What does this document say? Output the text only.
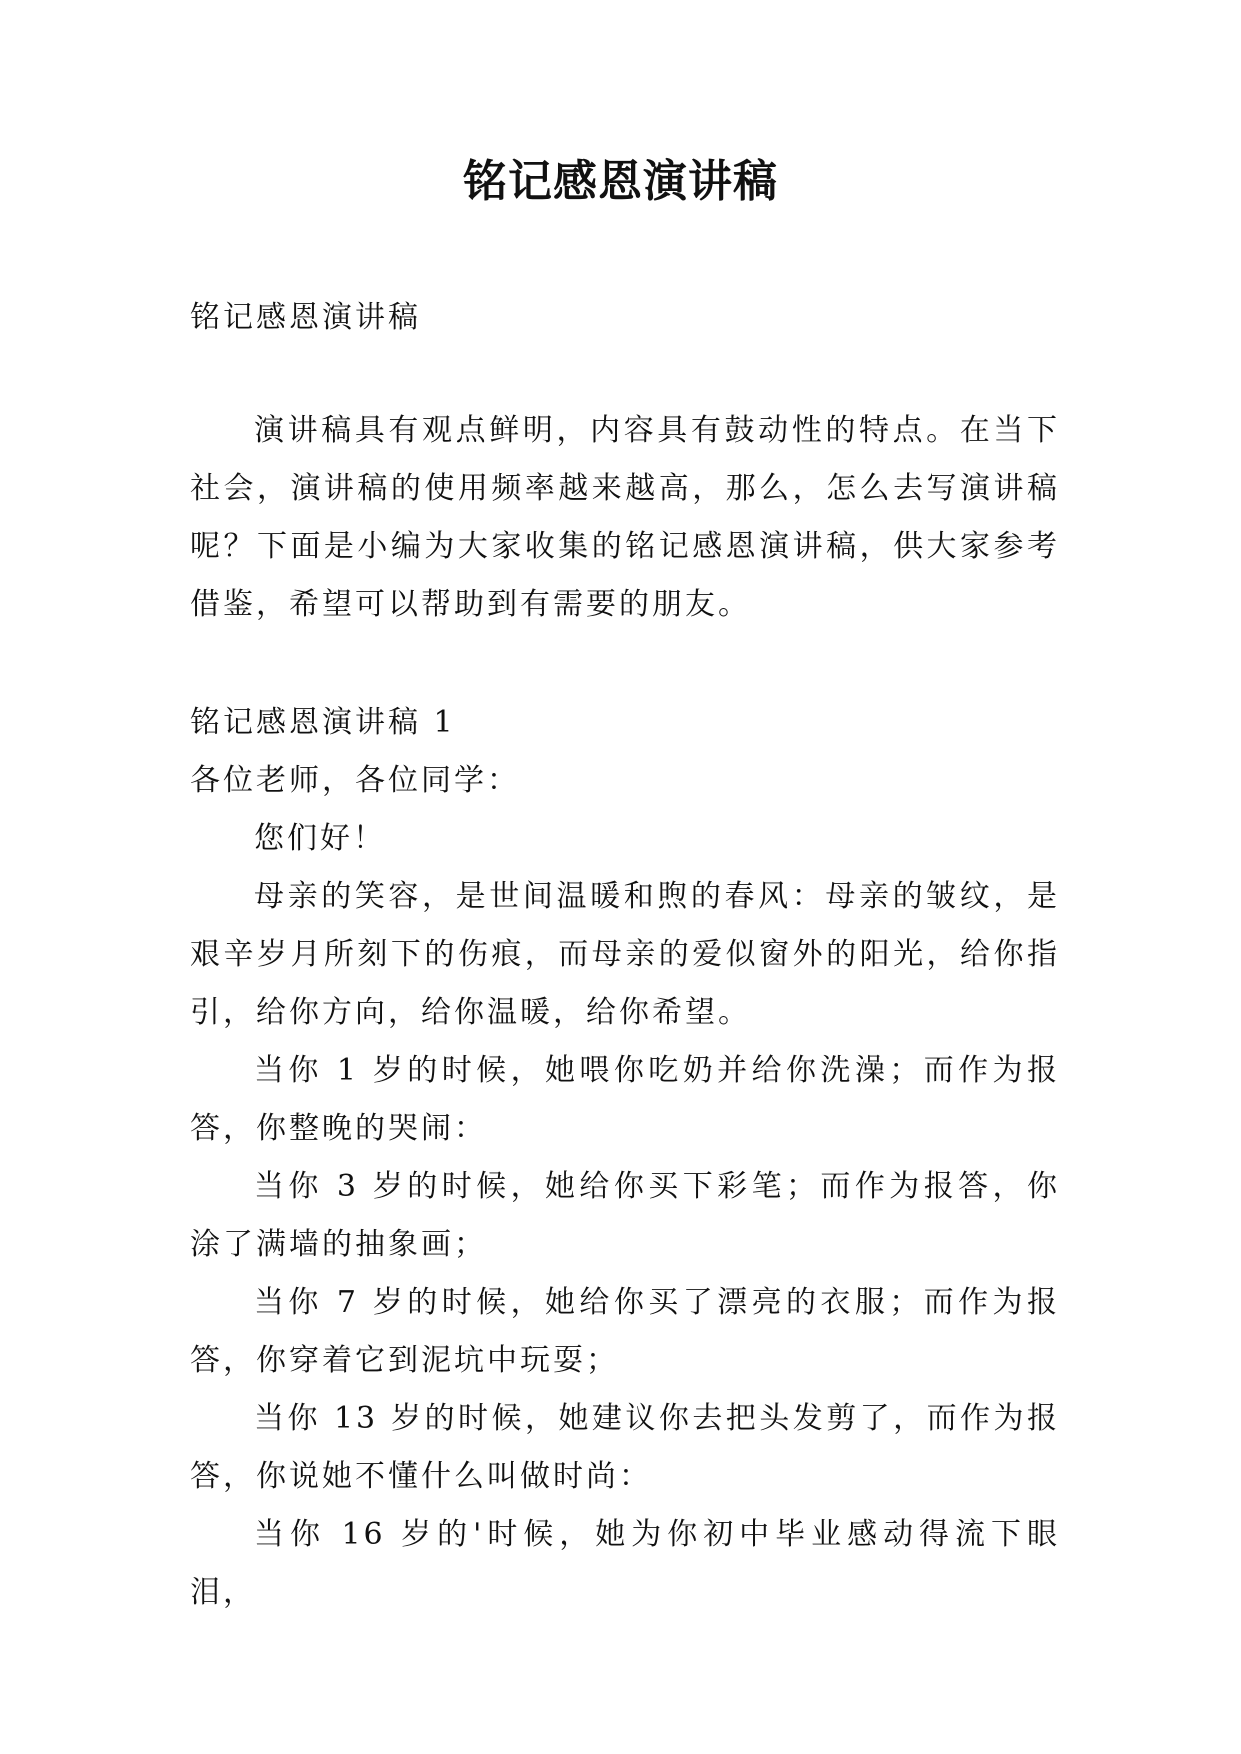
铭记感恩演讲稿

铭记感恩演讲稿

演讲稿具有观点鲜明，内容具有鼓动性的特点。在当下社会，演讲稿的使用频率越来越高，那么，怎么去写演讲稿呢？下面是小编为大家收集的铭记感恩演讲稿，供大家参考借鉴，希望可以帮助到有需要的朋友。

铭记感恩演讲稿 1

各位老师，各位同学：

您们好！

母亲的笑容，是世间温暖和煦的春风：母亲的皱纹，是艰辛岁月所刻下的伤痕，而母亲的爱似窗外的阳光，给你指引，给你方向，给你温暖，给你希望。

当你 1 岁的时候，她喂你吃奶并给你洗澡；而作为报答，你整晚的哭闹：

当你 3 岁的时候，她给你买下彩笔；而作为报答，你涂了满墙的抽象画；

当你 7 岁的时候，她给你买了漂亮的衣服；而作为报答，你穿着它到泥坑中玩耍；

当你 13 岁的时候，她建议你去把头发剪了，而作为报答，你说她不懂什么叫做时尚：

当你 16 岁的'时候，她为你初中毕业感动得流下眼泪，
